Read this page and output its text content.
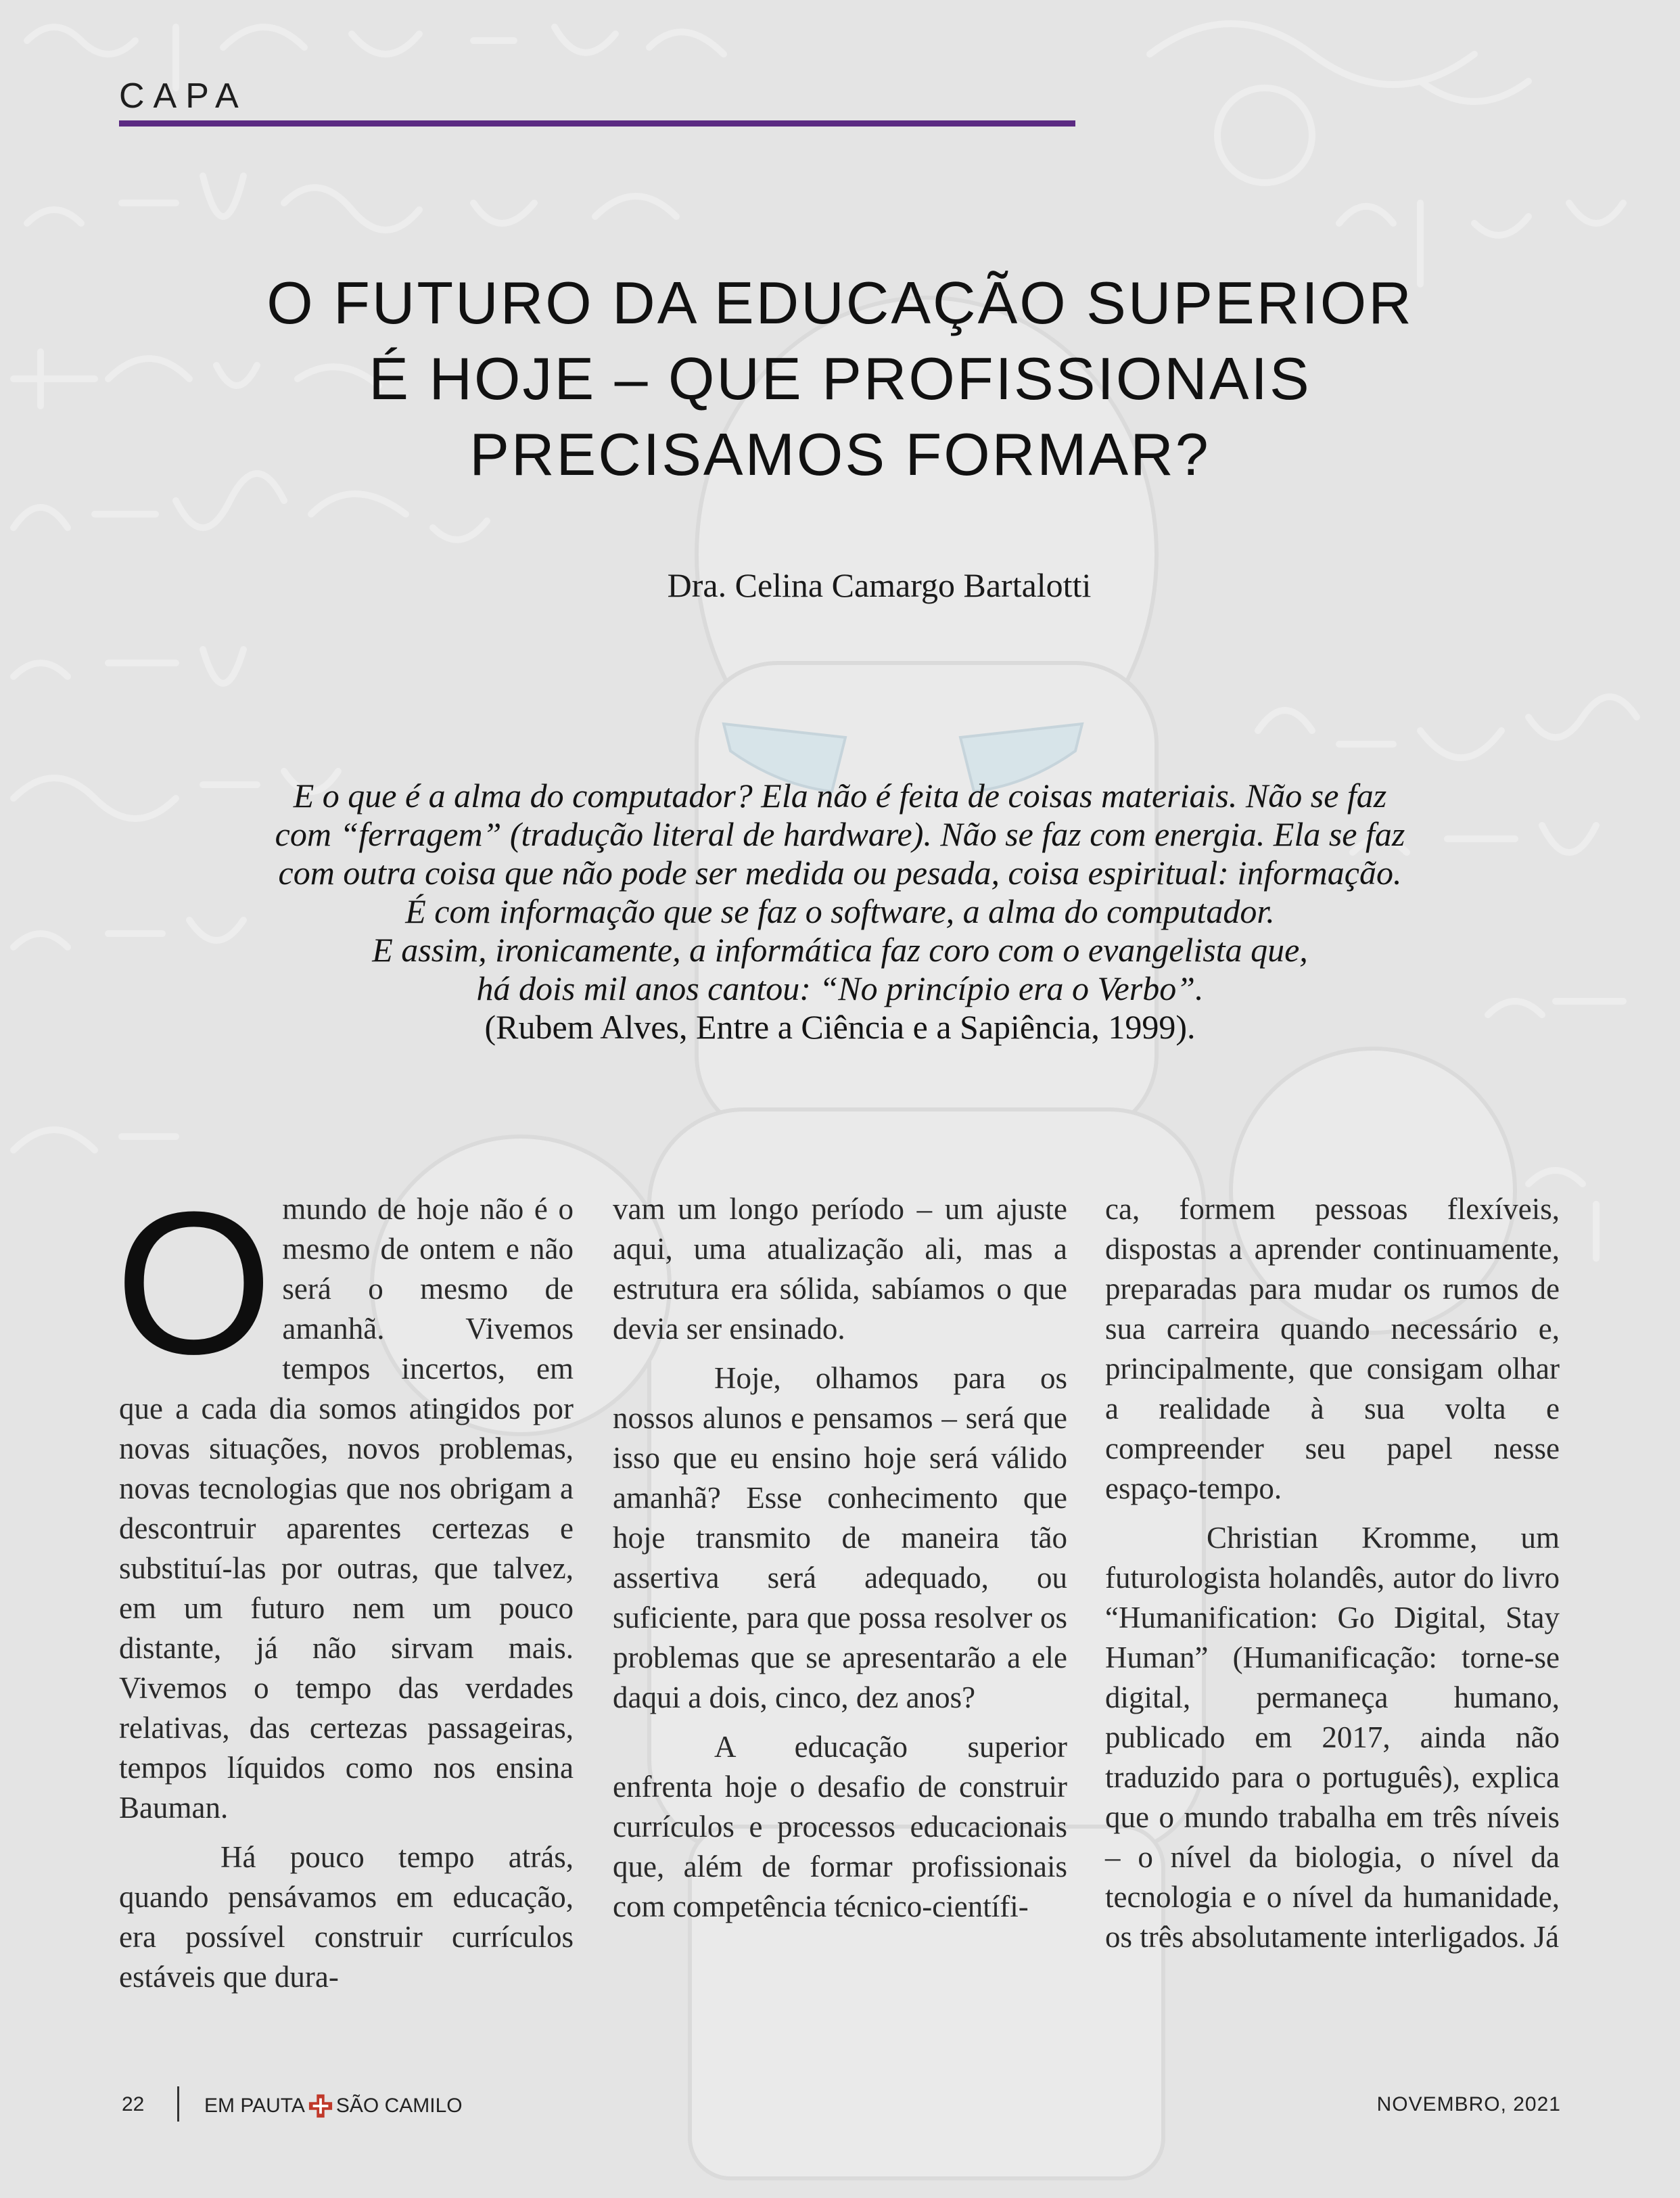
CAPA
O FUTURO DA EDUCAÇÃO SUPERIOR
É HOJE – QUE PROFISSIONAIS
PRECISAMOS FORMAR?
Dra. Celina Camargo Bartalotti
E o que é a alma do computador? Ela não é feita de coisas materiais. Não se faz
com “ferragem” (tradução literal de hardware). Não se faz com energia. Ela se faz
com outra coisa que não pode ser medida ou pesada, coisa espiritual: informação.
É com informação que se faz o software, a alma do computador.
E assim, ironicamente, a informática faz coro com o evangelista que,
há dois mil anos cantou: “No princípio era o Verbo”.
(Rubem Alves, Entre a Ciência e a Sapiência, 1999).

Omundo de hoje não é o mesmo de ontem e não será o mesmo de amanhã. Vivemos tempos incertos, em que a cada dia somos atingidos por novas situações, novos problemas, novas tecnologias que nos obrigam a descontruir aparentes certezas e substituí-las por outras, que talvez, em um futuro nem um pouco distante, já não sirvam mais. Vivemos o tempo das verdades relativas, das certezas passageiras, tempos líquidos como nos ensina Bauman.

Há pouco tempo atrás, quando pensávamos em educação, era possível construir currículos estáveis que dura-

vam um longo período – um ajuste aqui, uma atualização ali, mas a estrutura era sólida, sabíamos o que devia ser ensinado.

Hoje, olhamos para os nossos alunos e pensamos – será que isso que eu ensino hoje será válido amanhã? Esse conhecimento que hoje transmito de maneira tão assertiva será adequado, ou suficiente, para que possa resolver os problemas que se apresentarão a ele daqui a dois, cinco, dez anos?

A educação superior enfrenta hoje o desafio de construir currículos e processos educacionais que, além de formar profissionais com competência técnico-científi-

ca, formem pessoas flexíveis, dispostas a aprender continuamente, preparadas para mudar os rumos de sua carreira quando necessário e, principalmente, que consigam olhar a realidade à sua volta e compreender seu papel nesse espaço-tempo.

Christian Kromme, um futurologista holandês, autor do livro “Humanification: Go Digital, Stay Human” (Humanificação: torne-se digital, permaneça humano, publicado em 2017, ainda não traduzido para o português), explica que o mundo trabalha em três níveis – o nível da biologia, o nível da tecnologia e o nível da humanidade, os três absolutamente interligados. Já

22	EM PAUTA SÃO CAMILO	NOVEMBRO, 2021
